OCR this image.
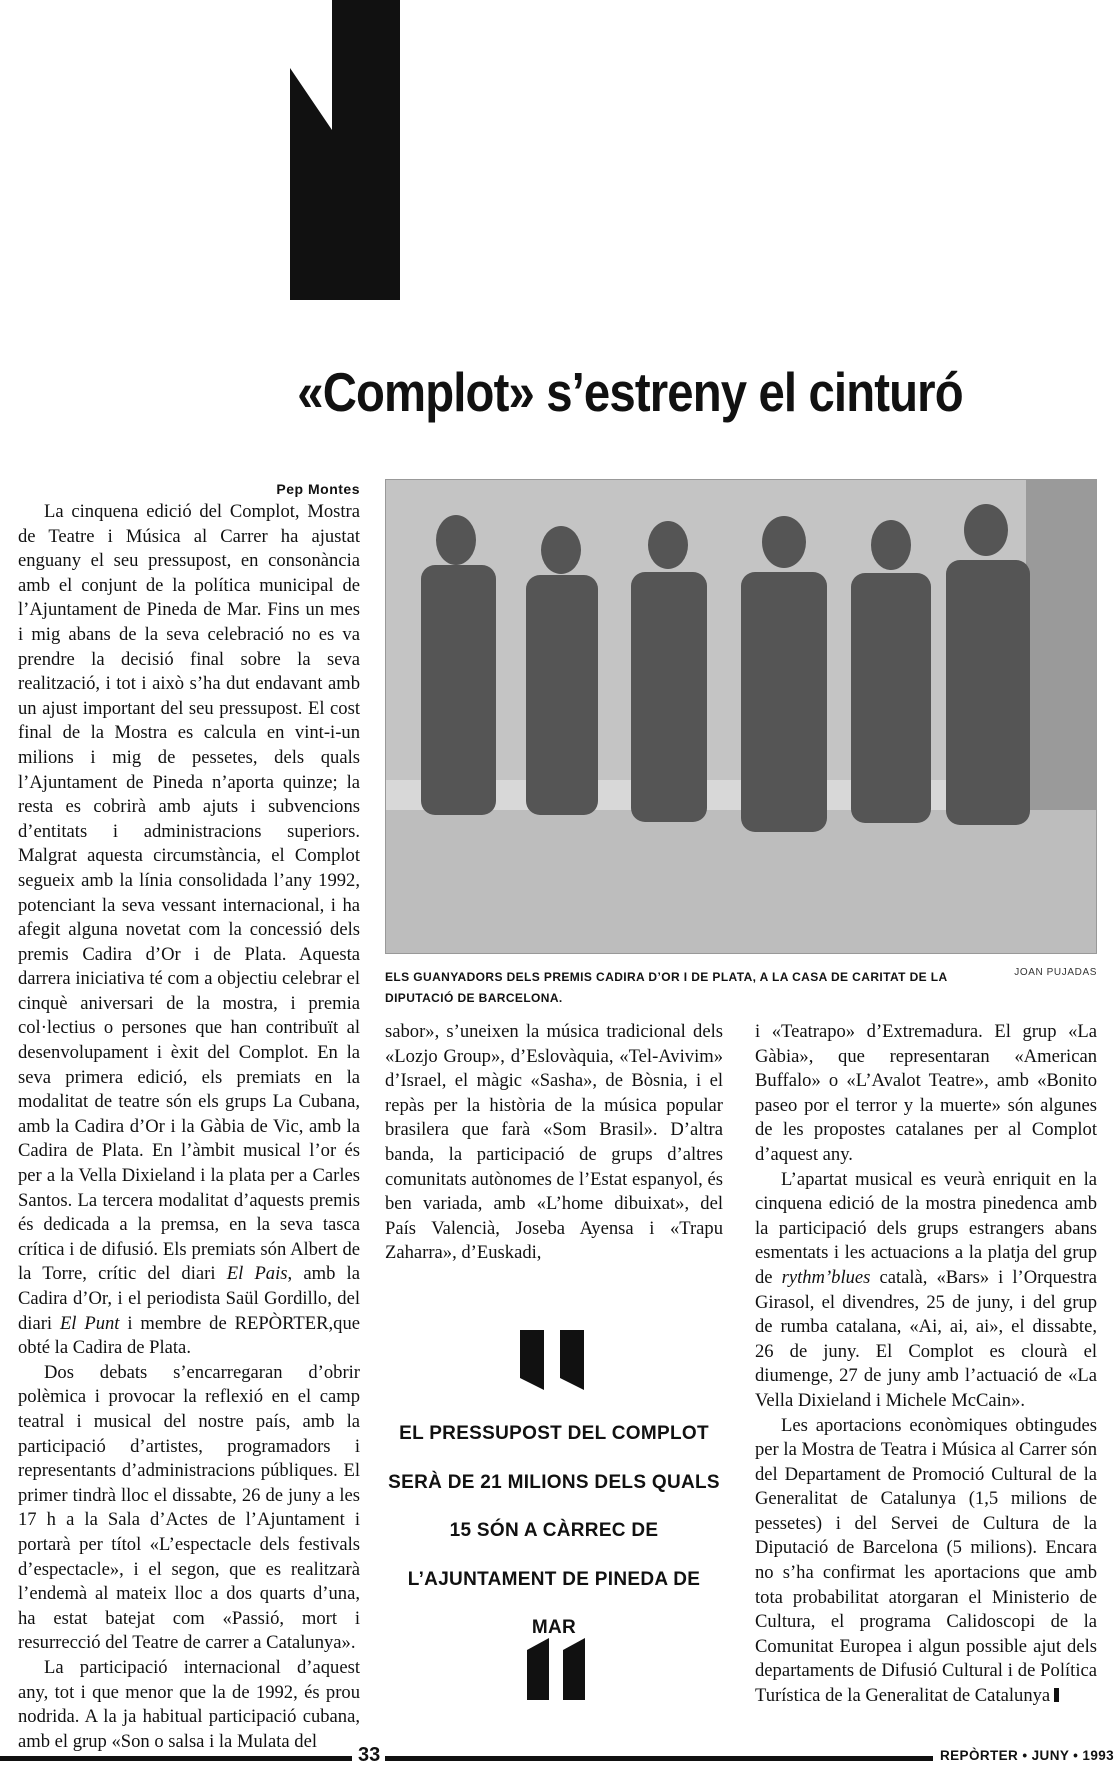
«Complot» s’estreny el cinturó
Pep Montes

La cinquena edició del Complot, Mostra de Teatre i Música al Carrer ha ajustat enguany el seu pressupost, en consonància amb el conjunt de la política municipal de l’Ajuntament de Pineda de Mar. Fins un mes i mig abans de la seva celebració no es va prendre la decisió final sobre la seva realització, i tot i això s’ha dut endavant amb un ajust important del seu pressupost. El cost final de la Mostra es calcula en vint-i-un milions i mig de pessetes, dels quals l’Ajuntament de Pineda n’aporta quinze; la resta es cobrirà amb ajuts i subvencions d’entitats i administracions superiors. Malgrat aquesta circumstància, el Complot segueix amb la línia consolidada l’any 1992, potenciant la seva vessant internacional, i ha afegit alguna novetat com la concessió dels premis Cadira d’Or i de Plata. Aquesta darrera iniciativa té com a objectiu celebrar el cinquè aniversari de la mostra, i premia col·lectius o persones que han contribuït al desenvolupament i èxit del Complot. En la seva primera edició, els premiats en la modalitat de teatre són els grups La Cubana, amb la Cadira d’Or i la Gàbia de Vic, amb la Cadira de Plata. En l’àmbit musical l’or és per a la Vella Dixieland i la plata per a Carles Santos. La tercera modalitat d’aquests premis és dedicada a la premsa, en la seva tasca crítica i de difusió. Els premiats són Albert de la Torre, crític del diari El Pais, amb la Cadira d’Or, i el periodista Saül Gordillo, del diari El Punt i membre de REPÒRTER,que obté la Cadira de Plata.

Dos debats s’encarregaran d’obrir polèmica i provocar la reflexió en el camp teatral i musical del nostre país, amb la participació d’artistes, programadors i representants d’administracions públiques. El primer tindrà lloc el dissabte, 26 de juny a les 17 h a la Sala d’Actes de l’Ajuntament i portarà per títol «L’espectacle dels festivals d’espectacle», i el segon, que es realitzarà l’endemà al mateix lloc a dos quarts d’una, ha estat batejat com «Passió, mort i resurrecció del Teatre de carrer a Catalunya».

La participació internacional d’aquest any, tot i que menor que la de 1992, és prou nodrida. A la ja habitual participació cubana, amb el grup «Son o salsa i la Mulata del

ELS GUANYADORS DELS PREMIS CADIRA D’OR I DE PLATA, A LA CASA DE CARITAT DE LA DIPUTACIÓ DE BARCELONA.
JOAN PUJADAS

sabor», s’uneixen la música tradicional dels «Lozjo Group», d’Eslovàquia, «Tel-Avivim» d’Israel, el màgic «Sasha», de Bòsnia, i el repàs per la història de la música popular brasilera que farà «Som Brasil». D’altra banda, la participació de grups d’altres comunitats autònomes de l’Estat espanyol, és ben variada, amb «L’home dibuixat», del País Valencià, Joseba Ayensa i «Trapu Zaharra», d’Euskadi,

EL PRESSUPOST DEL COMPLOT SERÀ DE 21 MILIONS DELS QUALS 15 SÓN A CÀRREC DE L’AJUNTAMENT DE PINEDA DE MAR

i «Teatrapo» d’Extremadura. El grup «La Gàbia», que representaran «American Buffalo» o «L’Avalot Teatre», amb «Bonito paseo por el terror y la muerte» són algunes de les propostes catalanes per al Complot d’aquest any.

L’apartat musical es veurà enriquit en la cinquena edició de la mostra pinedenca amb la participació dels grups estrangers abans esmentats i les actuacions a la platja del grup de rythm’blues català, «Bars» i l’Orquestra Girasol, el divendres, 25 de juny, i del grup de rumba catalana, «Ai, ai, ai», el dissabte, 26 de juny. El Complot es clourà el diumenge, 27 de juny amb l’actuació de «La Vella Dixieland i Michele McCain».

Les aportacions econòmiques obtingudes per la Mostra de Teatra i Música al Carrer són del Departament de Promoció Cultural de la Generalitat de Catalunya (1,5 milions de pessetes) i del Servei de Cultura de la Diputació de Barcelona (5 milions). Encara no s’ha confirmat les aportacions que amb tota probabilitat atorgaran el Ministerio de Cultura, el programa Calidoscopi de la Comunitat Europea i algun possible ajut dels departaments de Difusió Cultural i de Política Turística de la Generalitat de Catalunya

33	REPÒRTER • JUNY • 1993
